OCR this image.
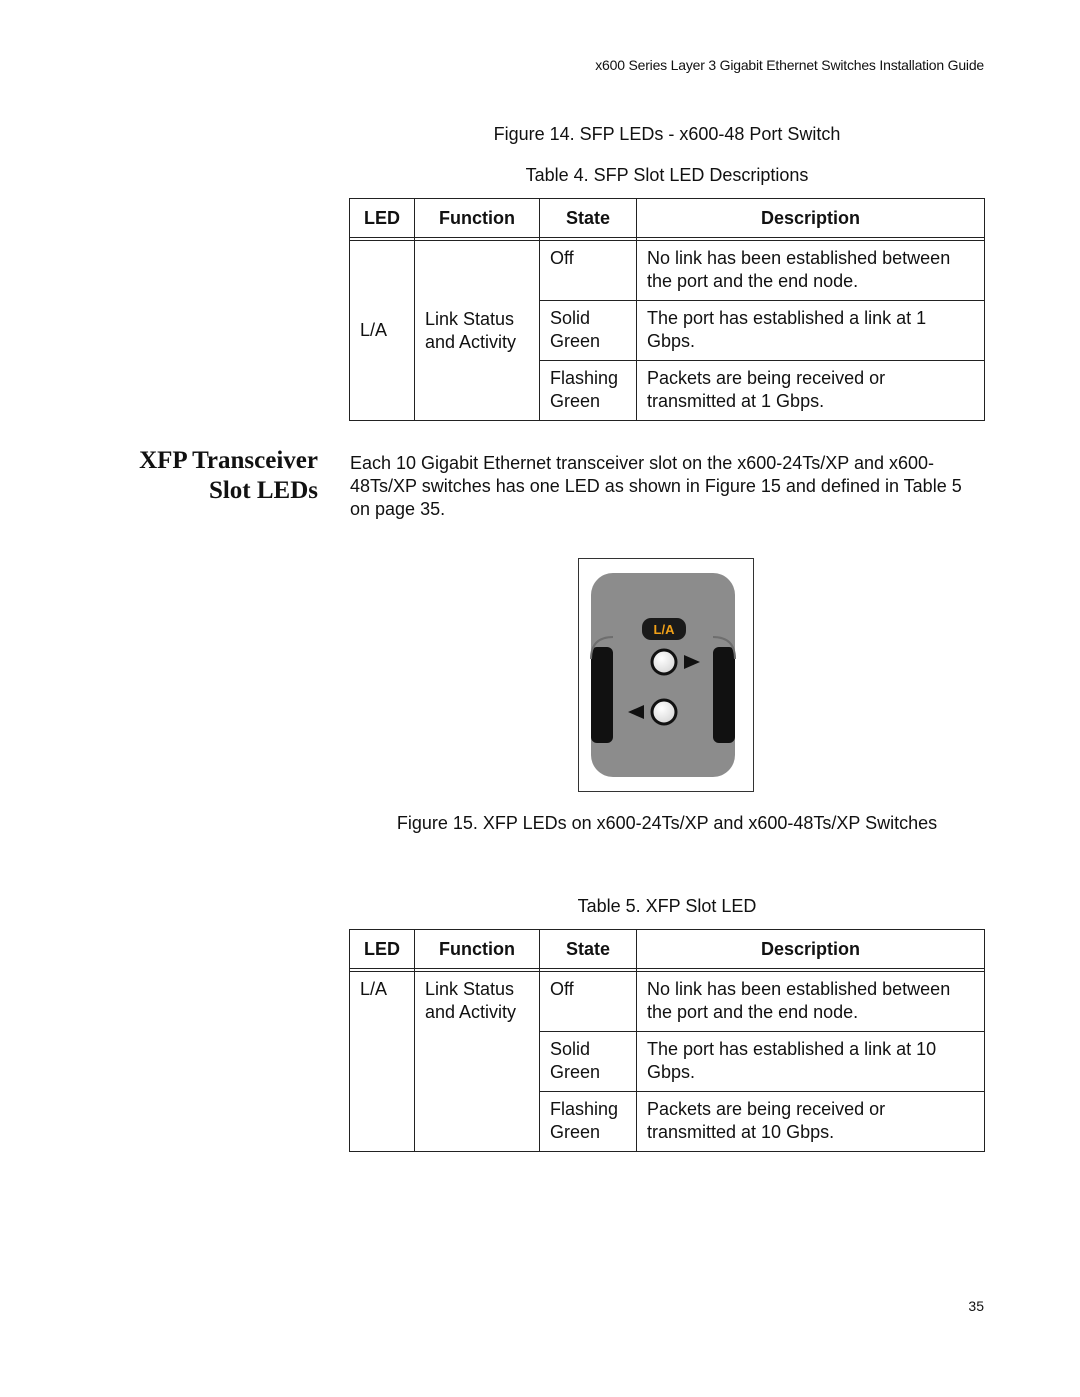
x600 Series Layer 3 Gigabit Ethernet Switches Installation Guide
Figure 14. SFP LEDs - x600-48 Port Switch
Table 4. SFP Slot LED Descriptions
LED	Function	State	Description

L/A	Link Status and Activity	Off	No link has been established between the port and the end node.
		Solid Green	The port has established a link at 1 Gbps.
		Flashing Green	Packets are being received or transmitted at 1 Gbps.
XFP Transceiver
Slot LEDs
Each 10 Gigabit Ethernet transceiver slot on the x600-24Ts/XP and x600-48Ts/XP switches has one LED as shown in Figure 15 and defined in Table 5 on page 35.
L/A
Figure 15. XFP LEDs on x600-24Ts/XP and x600-48Ts/XP Switches
Table 5. XFP Slot LED
LED	Function	State	Description

L/A	Link Status and Activity	Off	No link has been established between the port and the end node.
		Solid Green	The port has established a link at 10 Gbps.
		Flashing Green	Packets are being received or transmitted at 10 Gbps.
35
